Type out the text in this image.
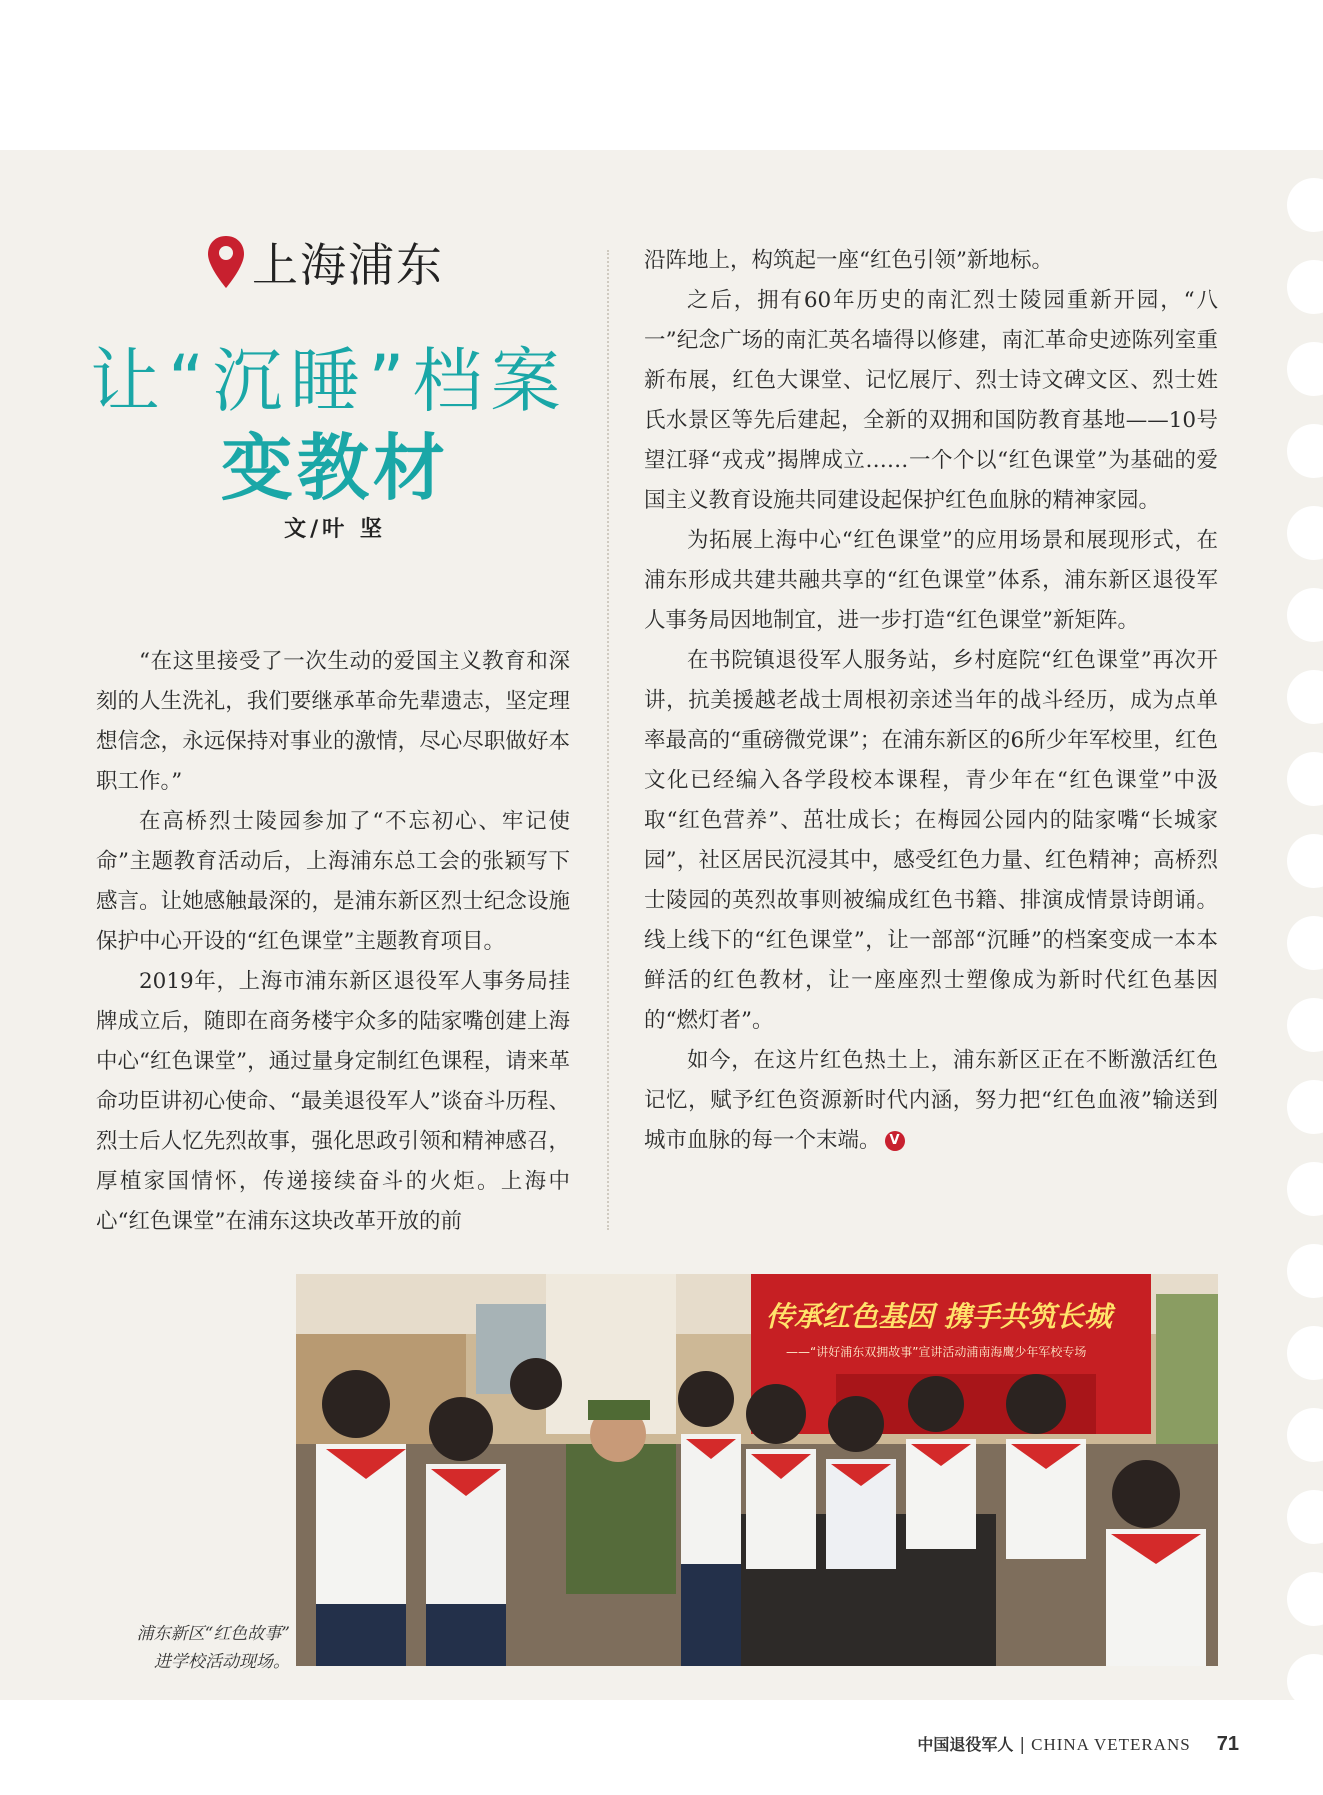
上海浦东
让“沉睡”档案
变教材
文/叶 坚

“在这里接受了一次生动的爱国主义教育和深刻的人生洗礼，我们要继承革命先辈遗志，坚定理想信念，永远保持对事业的激情，尽心尽职做好本职工作。”

在高桥烈士陵园参加了“不忘初心、牢记使命”主题教育活动后，上海浦东总工会的张颖写下感言。让她感触最深的，是浦东新区烈士纪念设施保护中心开设的“红色课堂”主题教育项目。

2019年，上海市浦东新区退役军人事务局挂牌成立后，随即在商务楼宇众多的陆家嘴创建上海中心“红色课堂”，通过量身定制红色课程，请来革命功臣讲初心使命、“最美退役军人”谈奋斗历程、烈士后人忆先烈故事，强化思政引领和精神感召，厚植家国情怀，传递接续奋斗的火炬。上海中心“红色课堂”在浦东这块改革开放的前

沿阵地上，构筑起一座“红色引领”新地标。

之后，拥有60年历史的南汇烈士陵园重新开园，“八一”纪念广场的南汇英名墙得以修建，南汇革命史迹陈列室重新布展，红色大课堂、记忆展厅、烈士诗文碑文区、烈士姓氏水景区等先后建起，全新的双拥和国防教育基地——10号望江驿“戎戎”揭牌成立……一个个以“红色课堂”为基础的爱国主义教育设施共同建设起保护红色血脉的精神家园。

为拓展上海中心“红色课堂”的应用场景和展现形式，在浦东形成共建共融共享的“红色课堂”体系，浦东新区退役军人事务局因地制宜，进一步打造“红色课堂”新矩阵。

在书院镇退役军人服务站，乡村庭院“红色课堂”再次开讲，抗美援越老战士周根初亲述当年的战斗经历，成为点单率最高的“重磅微党课”；在浦东新区的6所少年军校里，红色文化已经编入各学段校本课程，青少年在“红色课堂”中汲取“红色营养”、茁壮成长；在梅园公园内的陆家嘴“长城家园”，社区居民沉浸其中，感受红色力量、红色精神；高桥烈士陵园的英烈故事则被编成红色书籍、排演成情景诗朗诵。线上线下的“红色课堂”，让一部部“沉睡”的档案变成一本本鲜活的红色教材，让一座座烈士塑像成为新时代红色基因的“燃灯者”。

如今，在这片红色热土上，浦东新区正在不断激活红色记忆，赋予红色资源新时代内涵，努力把“红色血液”输送到城市血脉的每一个末端。 V

传承红色基因 携手共筑长城
——“讲好浦东双拥故事”宣讲活动浦南海鹰少年军校专场
浦东新区“红色故事”
进学校活动现场。
中国退役军人 | CHINA VETERANS 71
